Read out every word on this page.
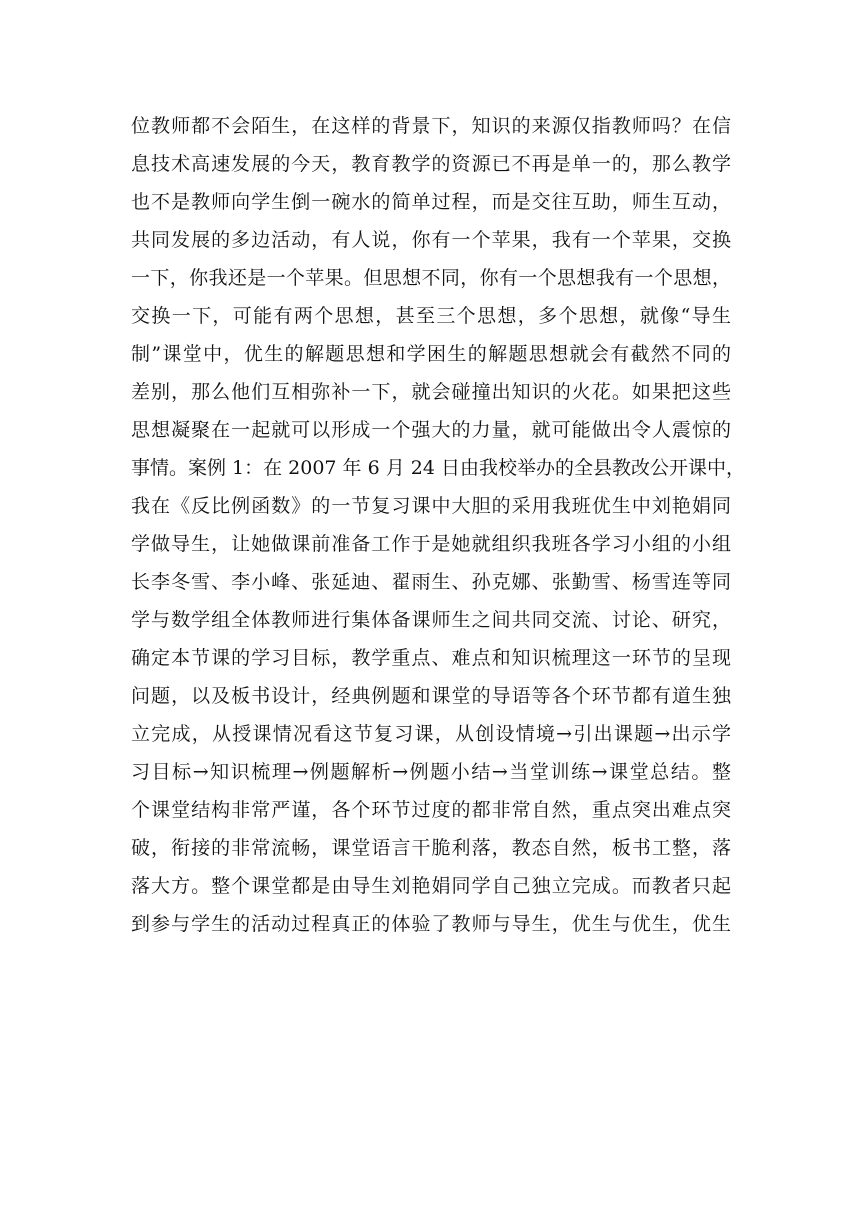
位教师都不会陌生，在这样的背景下，知识的来源仅指教师吗？在信
息技术高速发展的今天，教育教学的资源已不再是单一的，那么教学
也不是教师向学生倒一碗水的简单过程，而是交往互助，师生互动，
共同发展的多边活动，有人说，你有一个苹果，我有一个苹果，交换
一下，你我还是一个苹果。但思想不同，你有一个思想我有一个思想，
交换一下，可能有两个思想，甚至三个思想，多个思想，就像“导生
制”课堂中，优生的解题思想和学困生的解题思想就会有截然不同的
差别，那么他们互相弥补一下，就会碰撞出知识的火花。如果把这些
思想凝聚在一起就可以形成一个强大的力量，就可能做出令人震惊的
事情。案例 1：在 2007 年 6 月 24 日由我校举办的全县教改公开课中，
我在《反比例函数》的一节复习课中大胆的采用我班优生中刘艳娟同
学做导生，让她做课前准备工作于是她就组织我班各学习小组的小组
长李冬雪、李小峰、张延迪、翟雨生、孙克娜、张勤雪、杨雪连等同
学与数学组全体教师进行集体备课师生之间共同交流、讨论、研究，
确定本节课的学习目标，教学重点、难点和知识梳理这一环节的呈现
问题，以及板书设计，经典例题和课堂的导语等各个环节都有道生独
立完成，从授课情况看这节复习课，从创设情境→引出课题→出示学
习目标→知识梳理→例题解析→例题小结→当堂训练→课堂总结。整
个课堂结构非常严谨，各个环节过度的都非常自然，重点突出难点突
破，衔接的非常流畅，课堂语言干脆利落，教态自然，板书工整，落
落大方。整个课堂都是由导生刘艳娟同学自己独立完成。而教者只起
到参与学生的活动过程真正的体验了教师与导生，优生与优生，优生
